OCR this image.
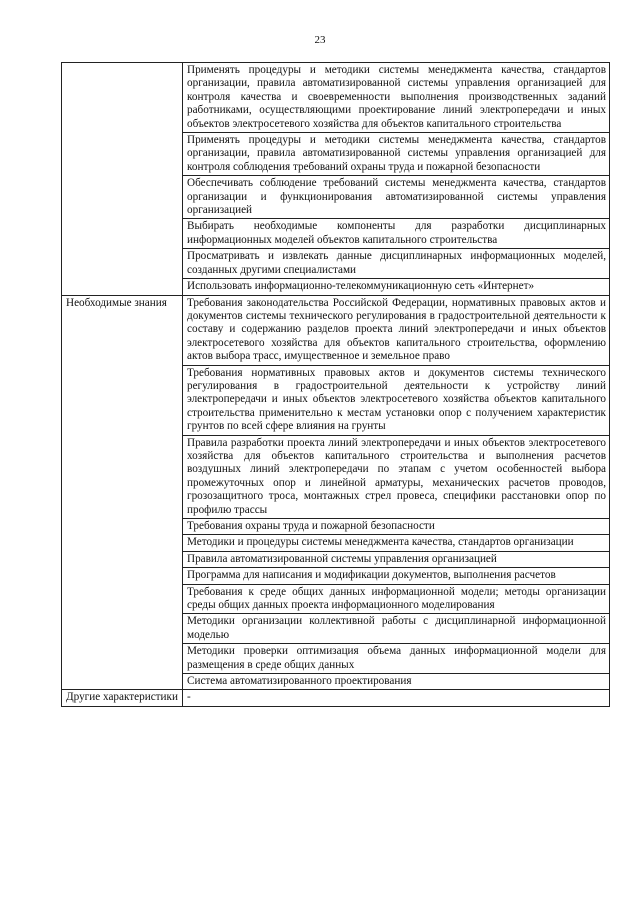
23
	Применять процедуры и методики системы менеджмента качества, стандартов организации, правила автоматизированной системы управления организацией для контроля качества и своевременности выполнения производственных заданий работниками, осуществляющими проектирование линий электропередачи и иных объектов электросетевого хозяйства для объектов капитального строительства
	Применять процедуры и методики системы менеджмента качества, стандартов организации, правила автоматизированной системы управления организацией для контроля соблюдения требований охраны труда и пожарной безопасности
	Обеспечивать соблюдение требований системы менеджмента качества, стандартов организации и функционирования автоматизированной системы управления организацией
	Выбирать необходимые компоненты для разработки дисциплинарных информационных моделей объектов капитального строительства
	Просматривать и извлекать данные дисциплинарных информационных моделей, созданных другими специалистами
	Использовать информационно-телекоммуникационную сеть «Интернет»
Необходимые знания	Требования законодательства Российской Федерации, нормативных правовых актов и документов системы технического регулирования в градостроительной деятельности к составу и содержанию разделов проекта линий электропередачи и иных объектов электросетевого хозяйства для объектов капитального строительства, оформлению актов выбора трасс, имущественное и земельное право
	Требования нормативных правовых актов и документов системы технического регулирования в градостроительной деятельности к устройству линий электропередачи и иных объектов электросетевого хозяйства объектов капитального строительства применительно к местам установки опор с получением характеристик грунтов по всей сфере влияния на грунты
	Правила разработки проекта линий электропередачи и иных объектов электросетевого хозяйства для объектов капитального строительства и выполнения расчетов воздушных линий электропередачи по этапам с учетом особенностей выбора промежуточных опор и линейной арматуры, механических расчетов проводов, грозозащитного троса, монтажных стрел провеса, специфики расстановки опор по профилю трассы
	Требования охраны труда и пожарной безопасности
	Методики и процедуры системы менеджмента качества, стандартов организации
	Правила автоматизированной системы управления организацией
	Программа для написания и модификации документов, выполнения расчетов
	Требования к среде общих данных информационной модели; методы организации среды общих данных проекта информационного моделирования
	Методики организации коллективной работы с дисциплинарной информационной моделью
	Методики проверки оптимизация объема данных информационной модели для размещения в среде общих данных
	Система автоматизированного проектирования
Другие характеристики	-
